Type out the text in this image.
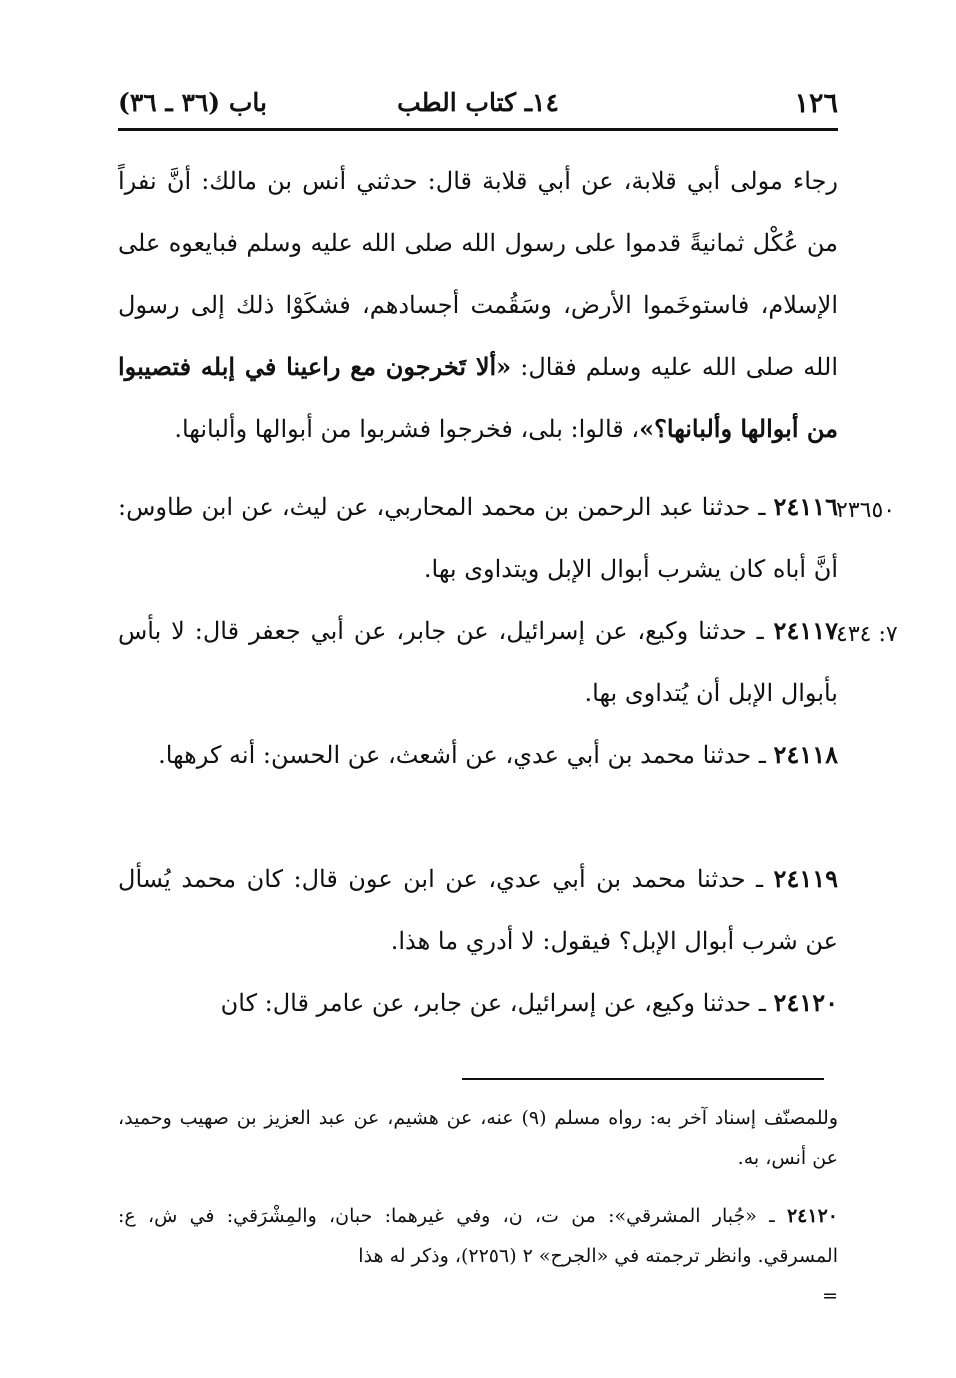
١٢٦
١٤ـ كتاب الطب
باب (٣٦ ـ ٣٦)
رجاء مولى أبي قلابة، عن أبي قلابة قال: حدثني أنس بن مالك: أنَّ نفراً من عُكْل ثمانيةً قدموا على رسول الله صلى الله عليه وسلم فبايعوه على الإسلام، فاستوخَموا الأرض، وسَقُمت أجسادهم، فشكَوْا ذلك إلى رسول الله صلى الله عليه وسلم فقال: «ألا تَخرجون مع راعينا في إبله فتصيبوا من أبوالها وألبانها؟»، قالوا: بلى، فخرجوا فشربوا من أبوالها وألبانها.
٢٤١١٦ ـ حدثنا عبد الرحمن بن محمد المحاربي، عن ليث، عن ابن طاوس: أنَّ أباه كان يشرب أبوال الإبل ويتداوى بها.
٢٣٦٥٠
٢٤١١٧ ـ حدثنا وكيع، عن إسرائيل، عن جابر، عن أبي جعفر قال: لا بأس بأبوال الإبل أن يُتداوى بها.
٧: ٤٣٤
٢٤١١٨ ـ حدثنا محمد بن أبي عدي، عن أشعث، عن الحسن: أنه كرهها.
٢٤١١٩ ـ حدثنا محمد بن أبي عدي، عن ابن عون قال: كان محمد يُسأل عن شرب أبوال الإبل؟ فيقول: لا أدري ما هذا.
٢٤١٢٠ ـ حدثنا وكيع، عن إسرائيل، عن جابر، عن عامر قال: كان
وللمصنّف إسناد آخر به: رواه مسلم (٩) عنه، عن هشيم، عن عبد العزيز بن صهيب وحميد، عن أنس، به.
٢٤١٢٠ ـ «جُبار المشرقي»: من ت، ن، وفي غيرهما: حبان، والمِشْرَقي: في ش، ع: المسرقي. وانظر ترجمته في «الجرح» ٢ (٢٢٥٦)، وذكر له هذا
=
